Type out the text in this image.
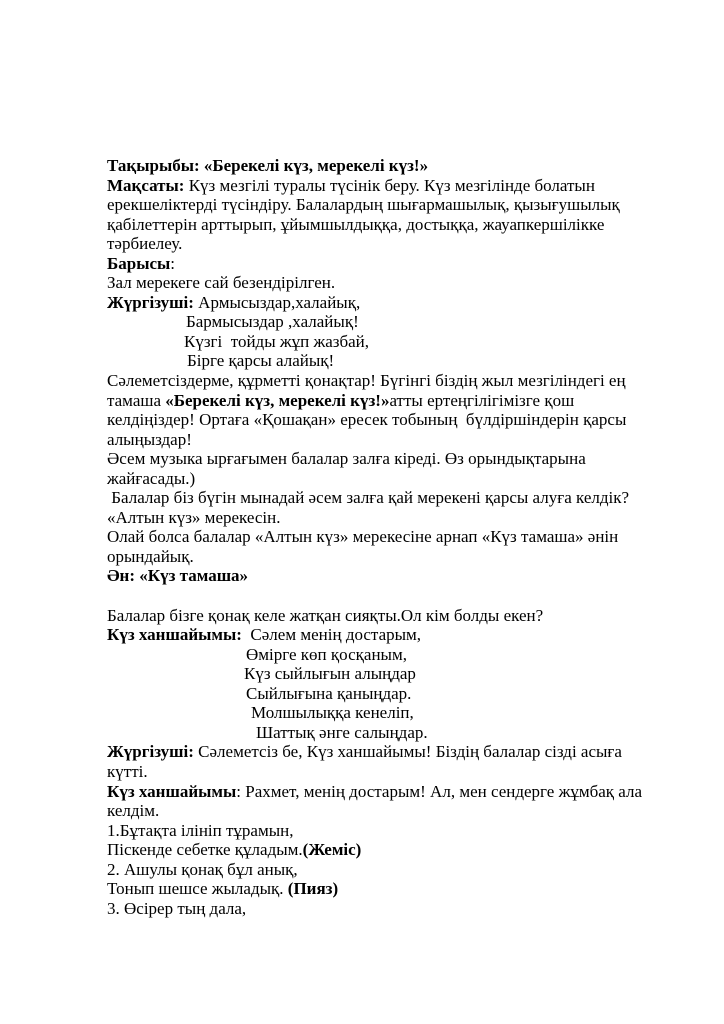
Тақырыбы: «Берекелі күз, мерекелі күз!»
Мақсаты: Күз мезгілі туралы түсінік беру. Күз мезгілінде болатын
ерекшеліктерді түсіндіру. Балалардың шығармашылық, қызығушылық
қабілеттерін арттырып, ұйымшылдыққа, достыққа, жауапкершілікке
тәрбиелеу.
Барысы:
Зал мерекеге сай безендірілген.
Жүргізуші: Армысыздар,халайық,
Бармысыздар ,халайық!
Күзгі  тойды жұп жазбай,
Бірге қарсы алайық!
Сәлеметсіздерме, құрметті қонақтар! Бүгінгі біздің жыл мезгіліндегі ең
тамаша «Берекелі күз, мерекелі күз!»атты ертеңгілігімізге қош
келдіңіздер! Ортаға «Қошақан» ересек тобының  бүлдіршіндерін қарсы
алыңыздар!
Әсем музыка ырғағымен балалар залға кіреді. Өз орындықтарына
жайғасады.)
Балалар біз бүгін мынадай әсем залға қай мерекені қарсы алуға келдік?
«Алтын күз» мерекесін.
Олай болса балалар «Алтын күз» мерекесіне арнап «Күз тамаша» әнін
орындайық.
Ән: «Күз тамаша»

Балалар бізге қонақ келе жатқан сияқты.Ол кім болды екен?
Күз ханшайымы:  Сәлем менің достарым,
Өмірге көп қосқаным,
Күз сыйлығын алыңдар
Сыйлығына қаныңдар.
Молшылыққа кенеліп,
Шаттық әнге салыңдар.
Жүргізуші: Сәлеметсіз бе, Күз ханшайымы! Біздің балалар сізді асыға
күтті.
Күз ханшайымы: Рахмет, менің достарым! Ал, мен сендерге жұмбақ ала
келдім.
1.Бұтақта ілініп тұрамын,
Піскенде себетке құладым.(Жеміс)
2. Ашулы қонақ бұл анық,
Тонып шешсе жыладық. (Пияз)
3. Өсірер тың дала,
